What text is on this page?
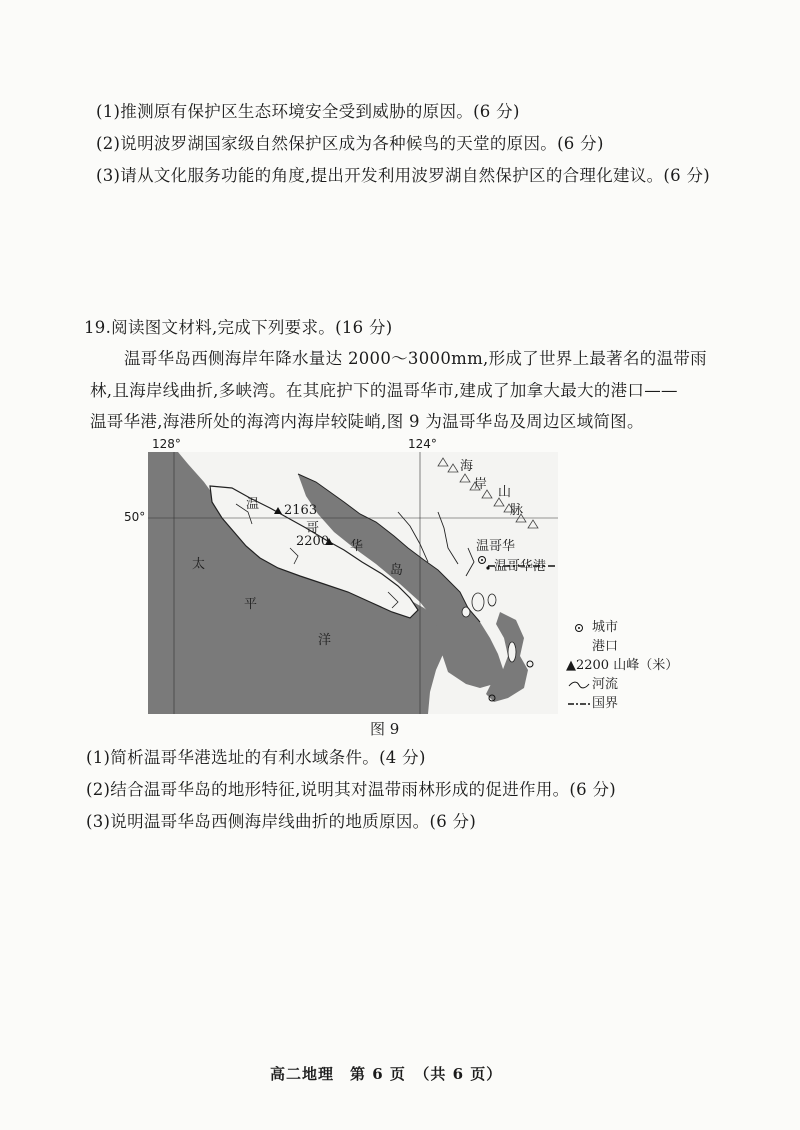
(1)推测原有保护区生态环境安全受到威胁的原因。(6 分)
(2)说明波罗湖国家级自然保护区成为各种候鸟的天堂的原因。(6 分)
(3)请从文化服务功能的角度,提出开发利用波罗湖自然保护区的合理化建议。(6 分)
19.阅读图文材料,完成下列要求。(16 分)
温哥华岛西侧海岸年降水量达 2000～3000mm,形成了世界上最著名的温带雨
林,且海岸线曲折,多峡湾。在其庇护下的温哥华市,建成了加拿大最大的港口——
温哥华港,海港所处的海湾内海岸较陡峭,图 9 为温哥华岛及周边区域简图。
128°	124°
50°
温
哥
华
岛
太
平
洋
海
岸
山
脉
2163
2200	温哥华
温哥华港
城市
港口
▲2200 山峰（米）
河流
国界
图 9
(1)简析温哥华港选址的有利水域条件。(4 分)
(2)结合温哥华岛的地形特征,说明其对温带雨林形成的促进作用。(6 分)
(3)说明温哥华岛西侧海岸线曲折的地质原因。(6 分)
高二地理　第 6 页　（共 6 页）
